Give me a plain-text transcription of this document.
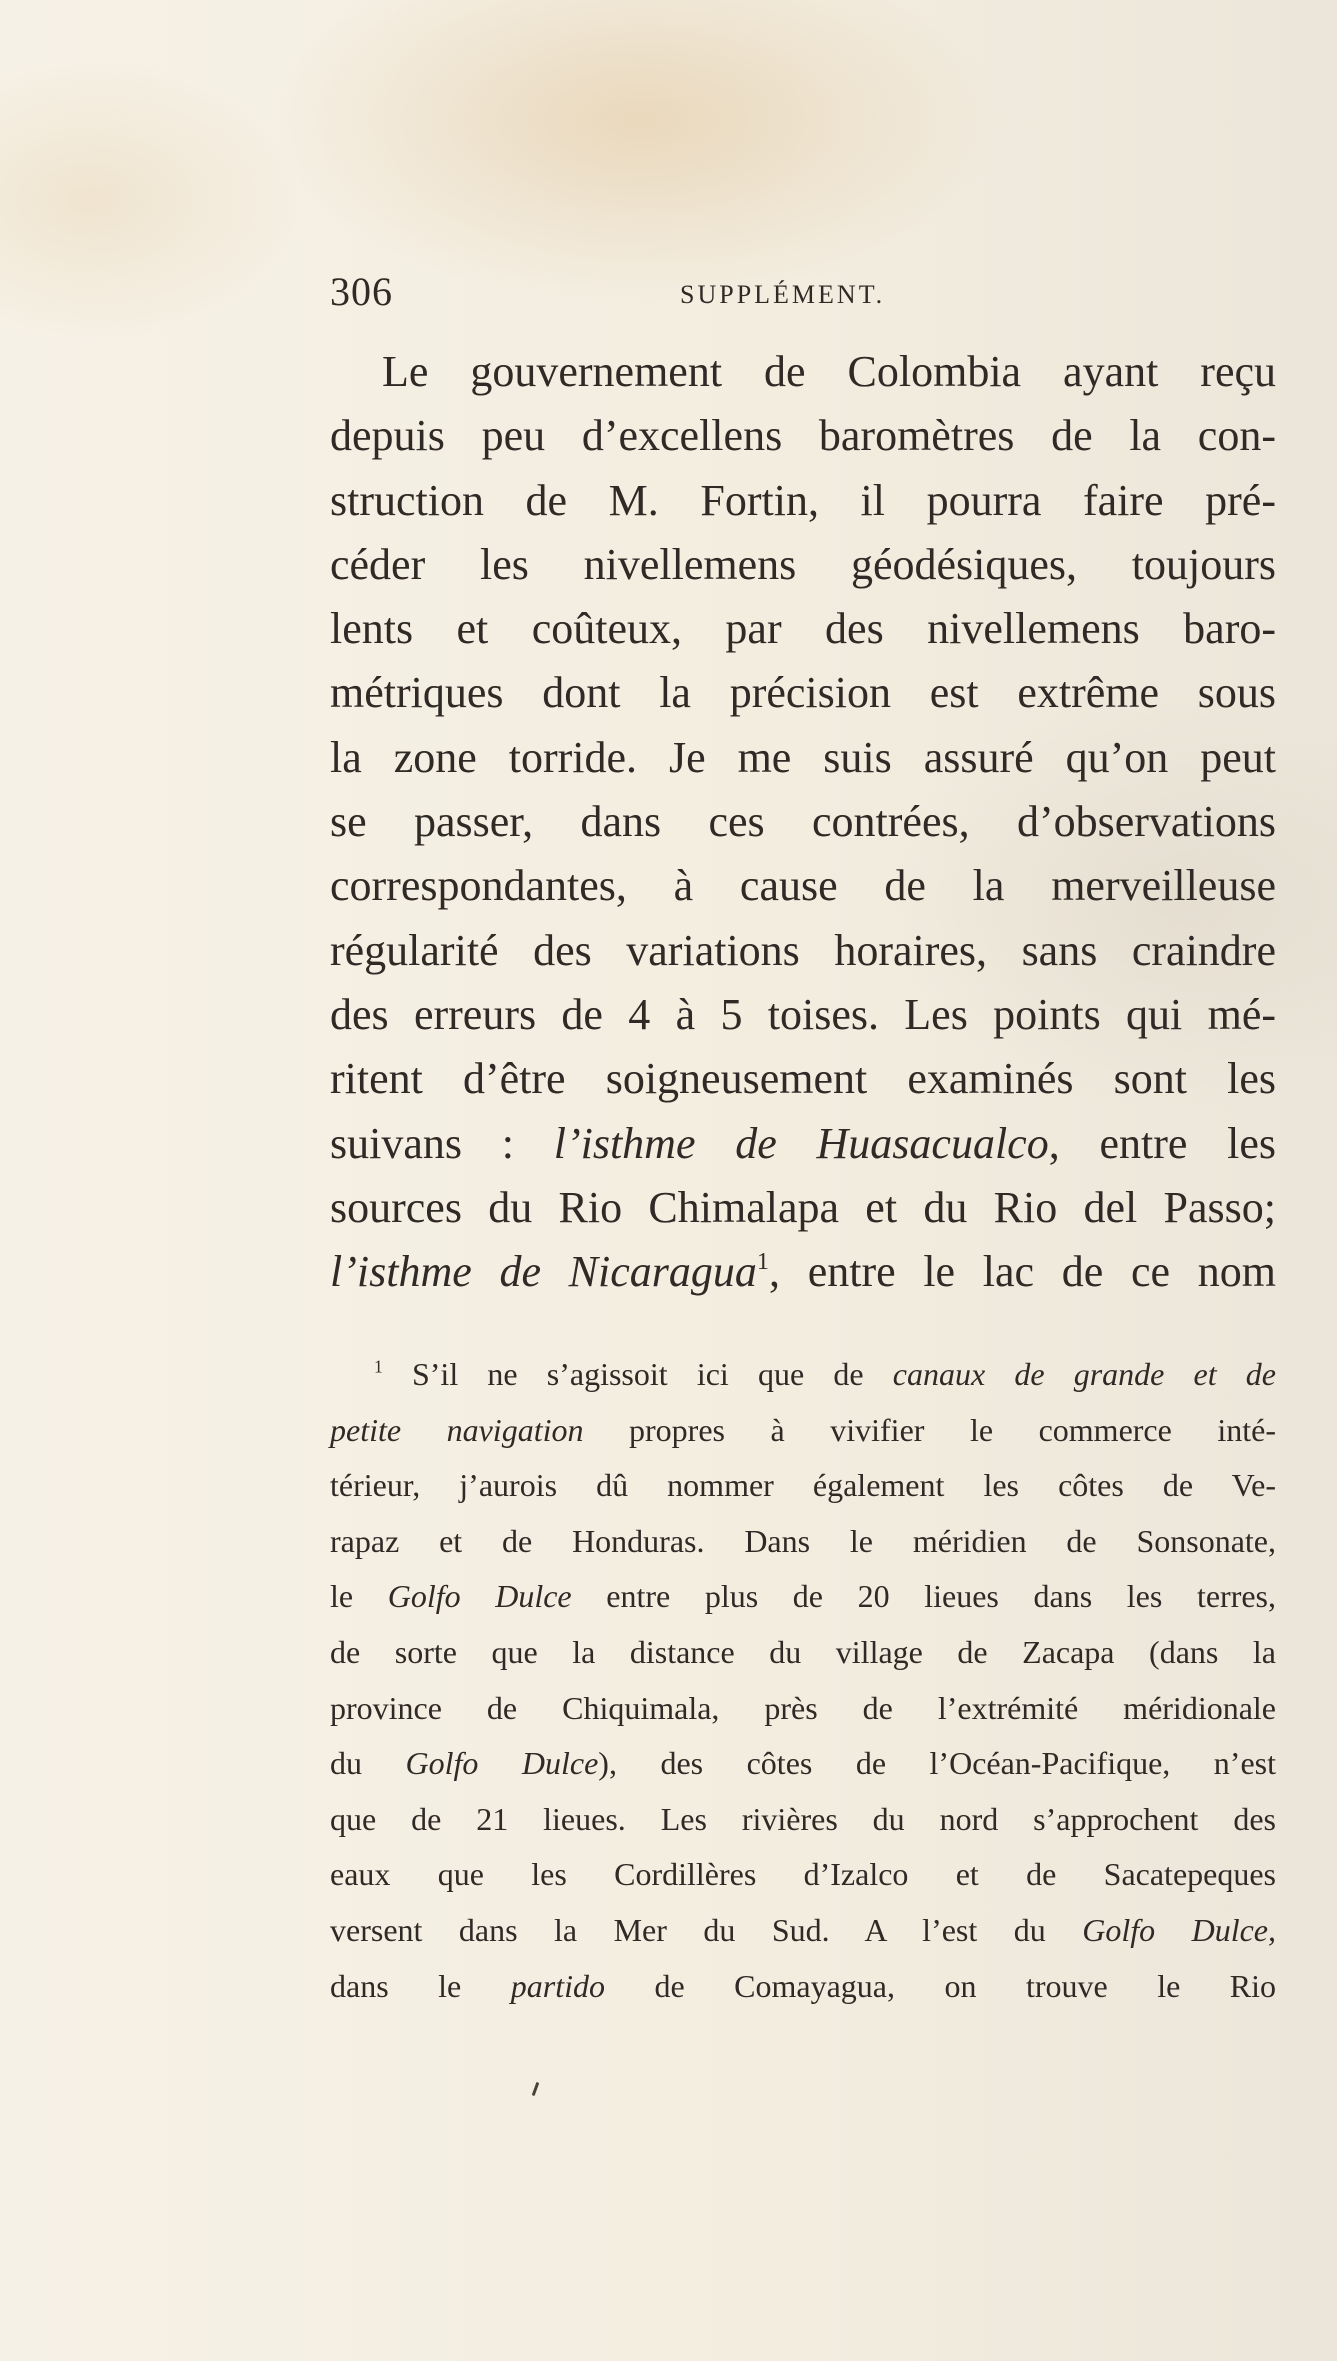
306	SUPPLÉMENT.
Le gouvernement de Colombia ayant reçu
depuis peu d’excellens baromètres de la con-
struction de M. Fortin, il pourra faire pré-
céder les nivellemens géodésiques, toujours
lents et coûteux, par des nivellemens baro-
métriques dont la précision est extrême sous
la zone torride. Je me suis assuré qu’on peut
se passer, dans ces contrées, d’observations
correspondantes, à cause de la merveilleuse
régularité des variations horaires, sans craindre
des erreurs de 4 à 5 toises. Les points qui mé-
ritent d’être soigneusement examinés sont les
suivans : l’isthme de Huasacualco, entre les
sources du Rio Chimalapa et du Rio del Passo;
l’isthme de Nicaragua$^1$, entre le lac de ce nom
$^1$ S’il ne s’agissoit ici que de canaux de grande et de
petite navigation propres à vivifier le commerce inté-
térieur, j’aurois dû nommer également les côtes de Ve-
rapaz et de Honduras. Dans le méridien de Sonsonate,
le Golfo Dulce entre plus de 20 lieues dans les terres,
de sorte que la distance du village de Zacapa (dans la
province de Chiquimala, près de l’extrémité méridionale
du Golfo Dulce), des côtes de l’Océan-Pacifique, n’est
que de 21 lieues. Les rivières du nord s’approchent des
eaux que les Cordillères d’Izalco et de Sacatepeques
versent dans la Mer du Sud. A l’est du Golfo Dulce,
dans le partido de Comayagua, on trouve le Rio
